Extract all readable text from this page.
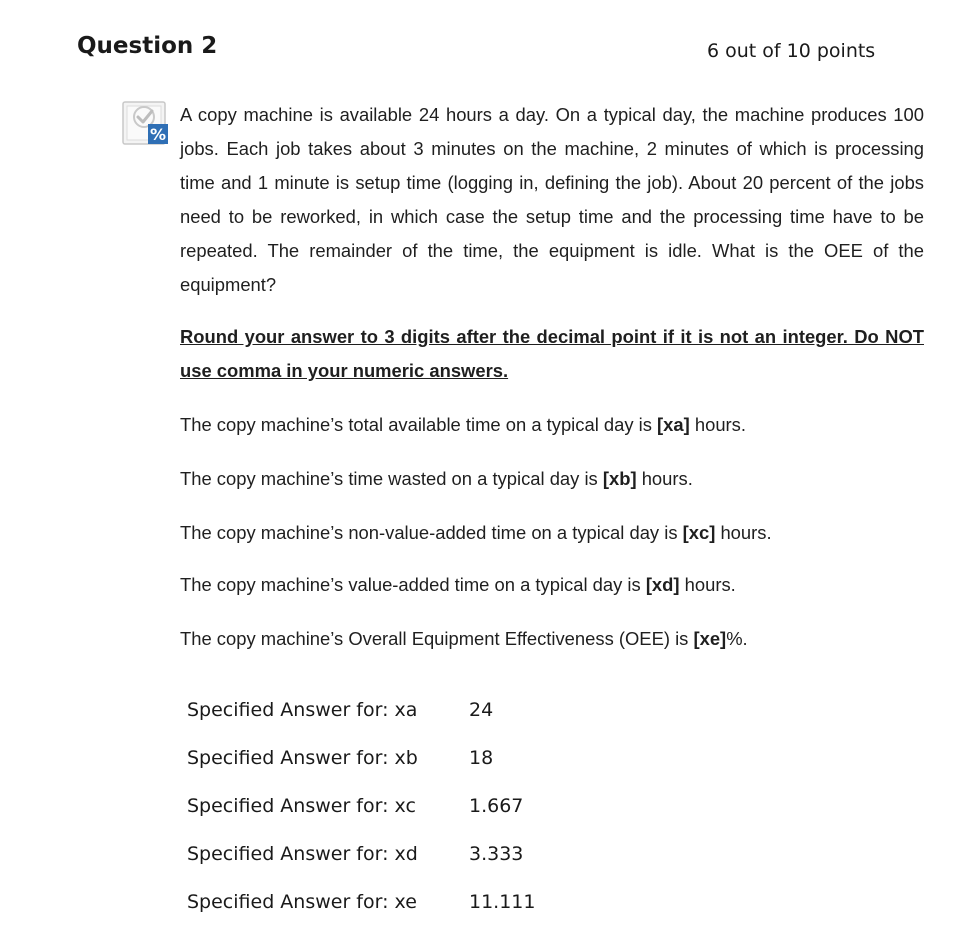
Question 2	6 out of 10 points
%

A copy machine is available 24 hours a day. On a typical day, the machine produces 100 jobs. Each job takes about 3 minutes on the machine, 2 minutes of which is processing time and 1 minute is setup time (logging in, defining the job). About 20 percent of the jobs need to be reworked, in which case the setup time and the processing time have to be repeated. The remainder of the time, the equipment is idle. What is the OEE of the equipment?

Round your answer to 3 digits after the decimal point if it is not an integer. Do NOT use comma in your numeric answers.

The copy machine’s total available time on a typical day is [xa] hours.

The copy machine’s time wasted on a typical day is [xb] hours.

The copy machine’s non-value-added time on a typical day is [xc] hours.

The copy machine’s value-added time on a typical day is [xd] hours.

The copy machine’s Overall Equipment Effectiveness (OEE) is [xe]%.

Specified Answer for: xa	24
Specified Answer for: xb	18
Specified Answer for: xc	1.667
Specified Answer for: xd	3.333
Specified Answer for: xe	11.111
